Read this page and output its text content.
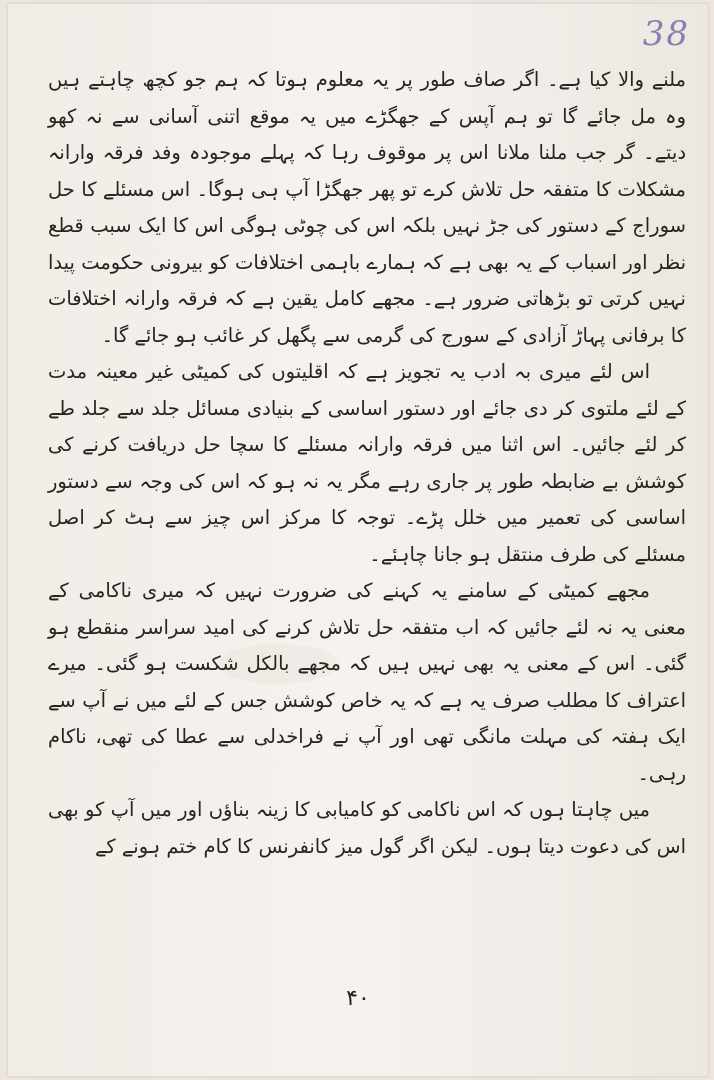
38

ملنے والا کیا ہے۔ اگر صاف طور پر یہ معلوم ہوتا کہ ہم جو کچھ چاہتے ہیں وہ مل جائے گا تو ہم آپس کے جھگڑے میں یہ موقع اتنی آسانی سے نہ کھو دیتے۔ گر جب ملنا ملانا اس پر موقوف رہا کہ پہلے موجودہ وفد فرقہ وارانہ مشکلات کا متفقہ حل تلاش کرے تو پھر جھگڑا آپ ہی ہوگا۔ اس مسئلے کا حل سوراج کے دستور کی جڑ نہیں بلکہ اس کی چوٹی ہوگی اس کا ایک سبب قطع نظر اور اسباب کے یہ بھی ہے کہ ہمارے باہمی اختلافات کو بیرونی حکومت پیدا نہیں کرتی تو بڑھاتی ضرور ہے۔ مجھے کامل یقین ہے کہ فرقہ وارانہ اختلافات کا برفانی پہاڑ آزادی کے سورج کی گرمی سے پگھل کر غائب ہو جائے گا۔

اس لئے میری بہ ادب یہ تجویز ہے کہ اقلیتوں کی کمیٹی غیر معینہ مدت کے لئے ملتوی کر دی جائے اور دستور اساسی کے بنیادی مسائل جلد سے جلد طے کر لئے جائیں۔ اس اثنا میں فرقہ وارانہ مسئلے کا سچا حل دریافت کرنے کی کوشش بے ضابطہ طور پر جاری رہے مگر یہ نہ ہو کہ اس کی وجہ سے دستور اساسی کی تعمیر میں خلل پڑے۔ توجہ کا مرکز اس چیز سے ہٹ کر اصل مسئلے کی طرف منتقل ہو جانا چاہئے۔

مجھے کمیٹی کے سامنے یہ کہنے کی ضرورت نہیں کہ میری ناکامی کے معنی یہ نہ لئے جائیں کہ اب متفقہ حل تلاش کرنے کی امید سراسر منقطع ہو گئی۔ اس کے معنی یہ بھی نہیں ہیں کہ مجھے بالکل شکست ہو گئی۔ میرے اعتراف کا مطلب صرف یہ ہے کہ یہ خاص کوشش جس کے لئے میں نے آپ سے ایک ہفتہ کی مہلت مانگی تھی اور آپ نے فراخدلی سے عطا کی تھی، ناکام رہی۔

میں چاہتا ہوں کہ اس ناکامی کو کامیابی کا زینہ بناؤں اور میں آپ کو بھی اس کی دعوت دیتا ہوں۔ لیکن اگر گول میز کانفرنس کا کام ختم ہونے کے

۴۰
